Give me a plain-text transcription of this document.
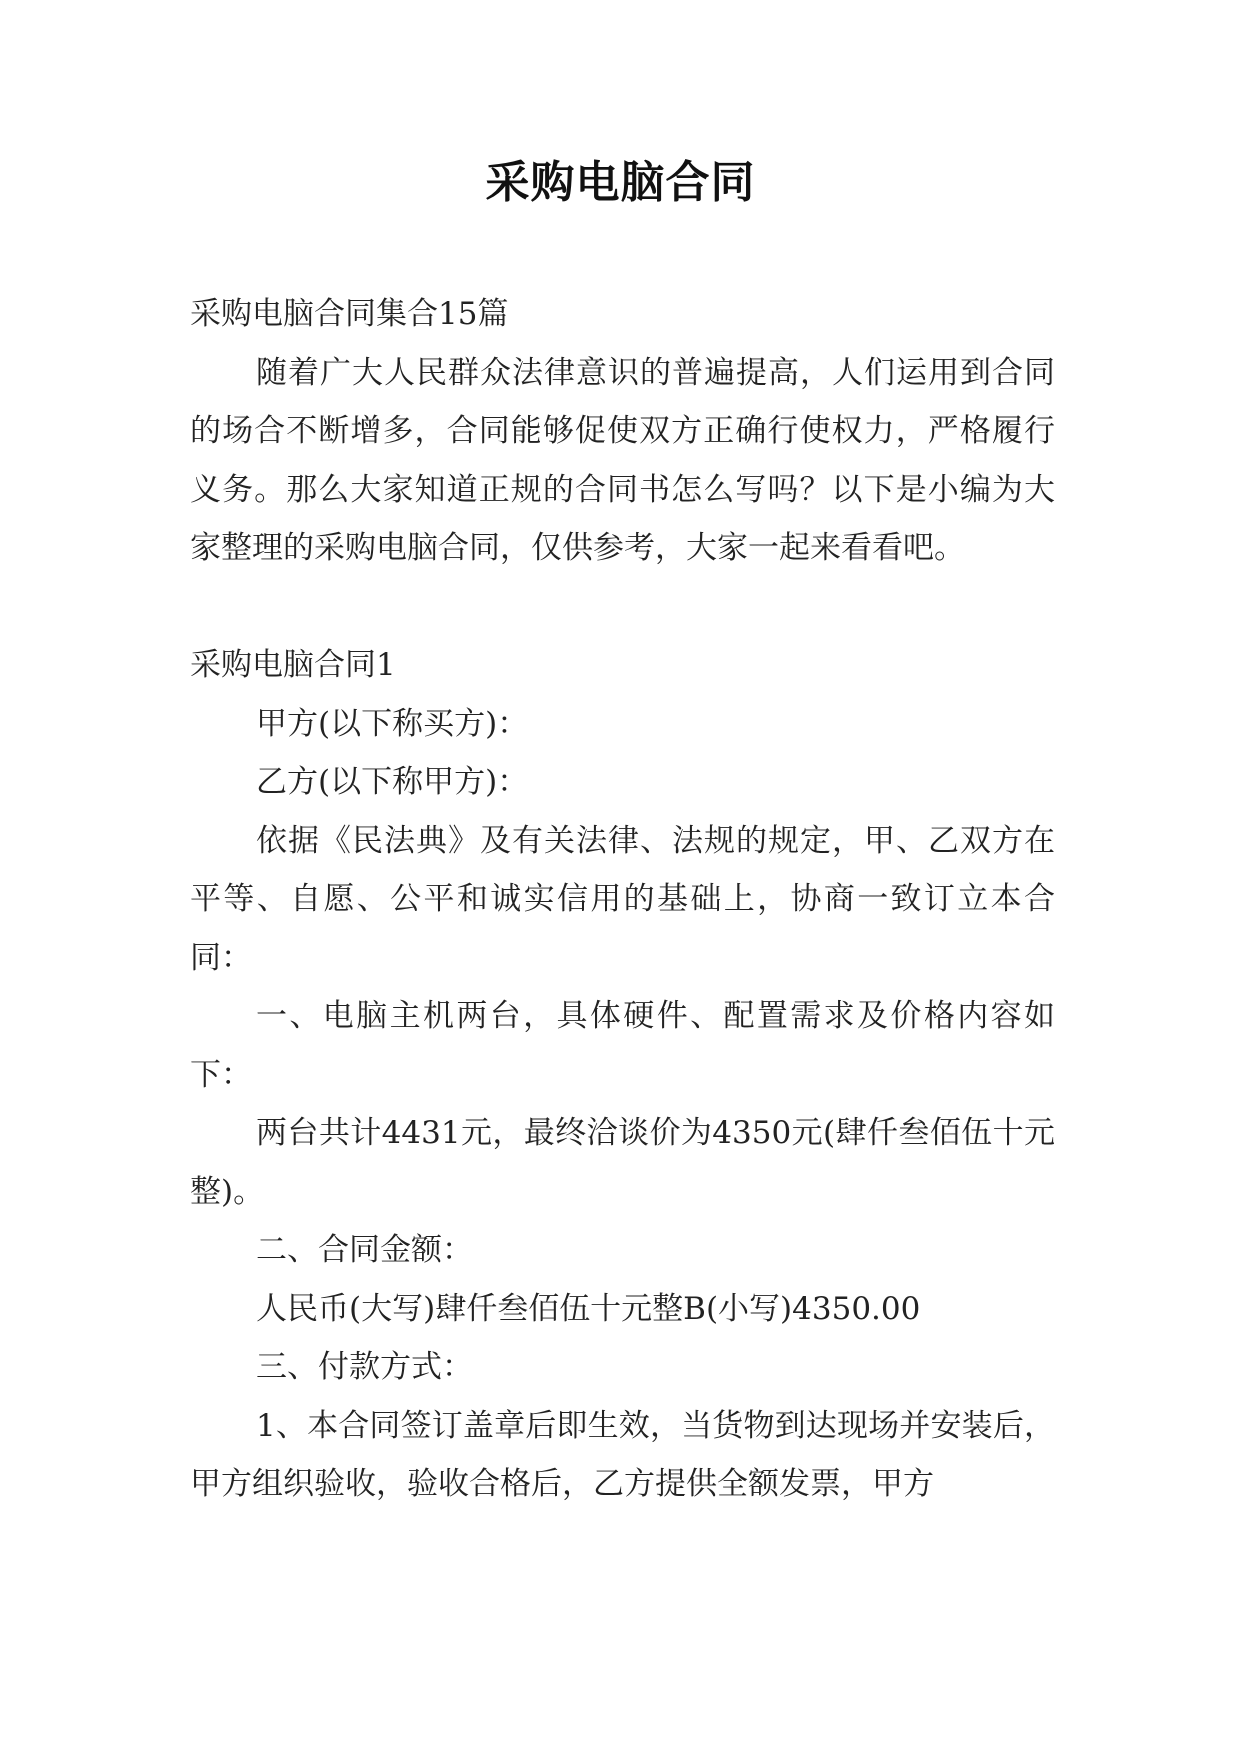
采购电脑合同

采购电脑合同集合15篇

随着广大人民群众法律意识的普遍提高，人们运用到合同的场合不断增多，合同能够促使双方正确行使权力，严格履行义务。那么大家知道正规的合同书怎么写吗？以下是小编为大家整理的采购电脑合同，仅供参考，大家一起来看看吧。

采购电脑合同1

甲方(以下称买方)：

乙方(以下称甲方)：

依据《民法典》及有关法律、法规的规定，甲、乙双方在平等、自愿、公平和诚实信用的基础上，协商一致订立本合同：

一、电脑主机两台，具体硬件、配置需求及价格内容如下：

两台共计4431元，最终洽谈价为4350元(肆仟叁佰伍十元整)。

二、合同金额：

人民币(大写)肆仟叁佰伍十元整B(小写)4350.00

三、付款方式：

1、本合同签订盖章后即生效，当货物到达现场并安装后，甲方组织验收，验收合格后，乙方提供全额发票，甲方
